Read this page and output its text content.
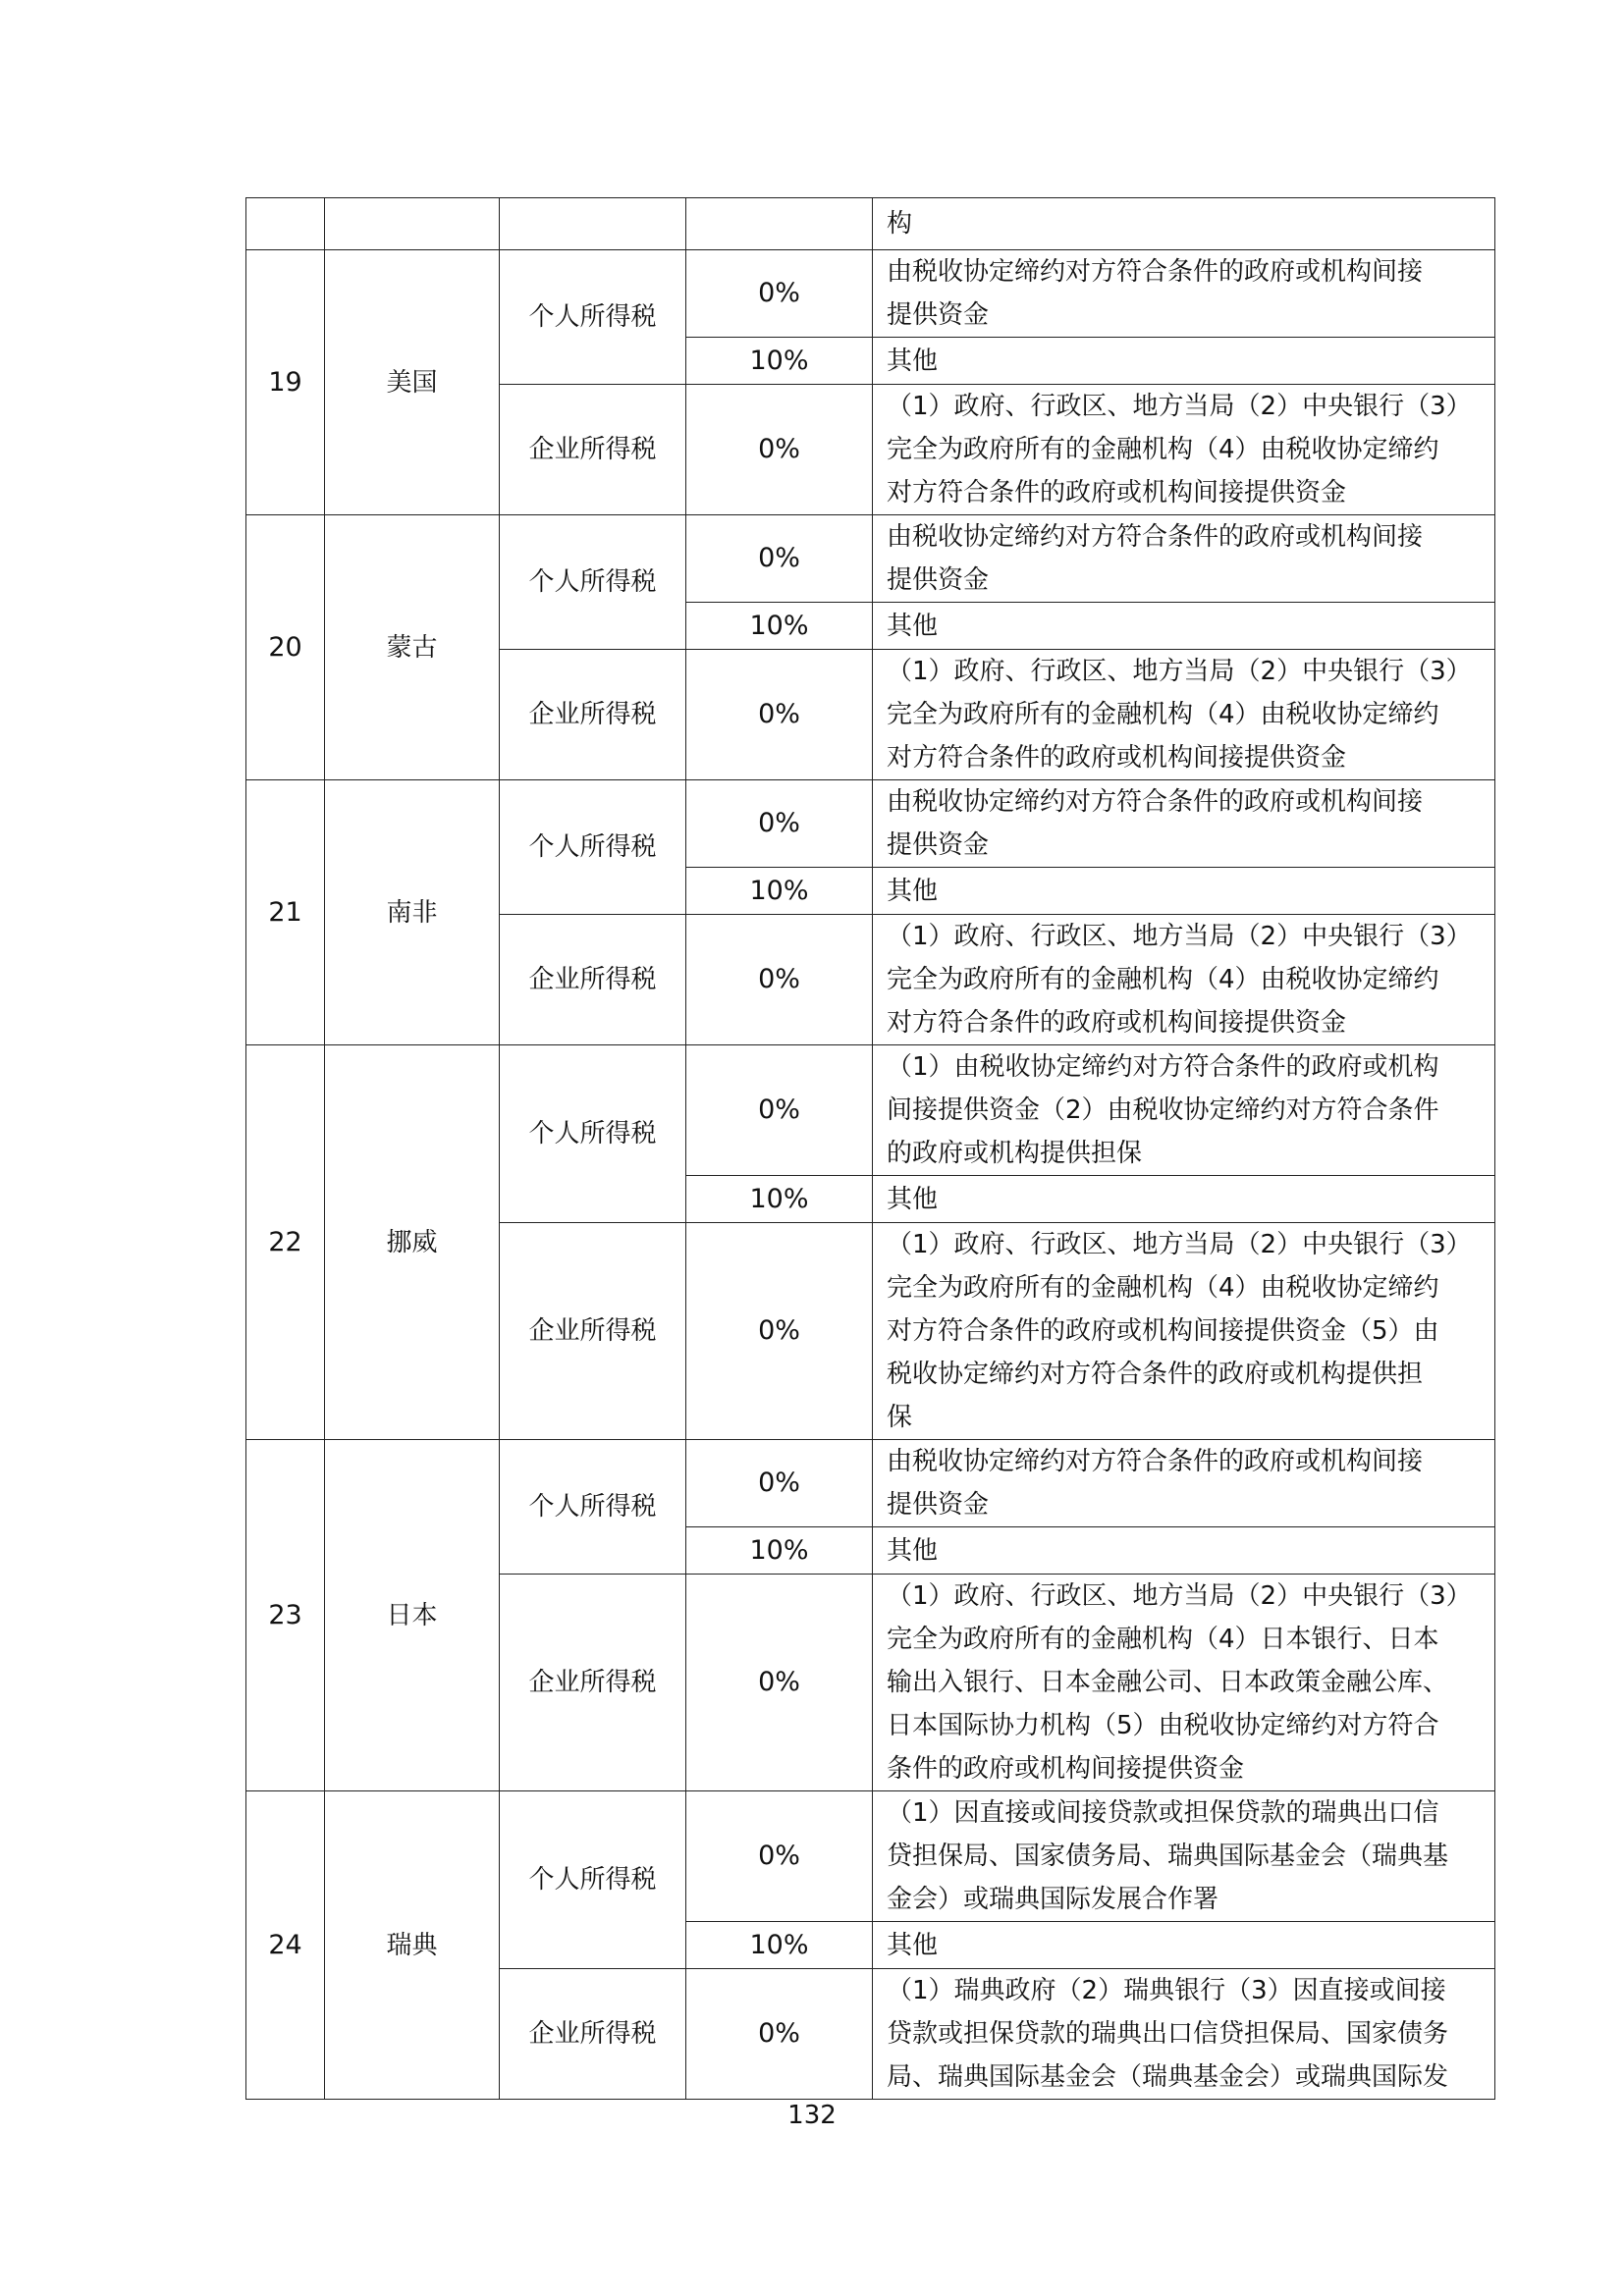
				构
19	美国	个人所得税	0%	由税收协定缔约对方符合条件的政府或机构间接
提供资金

			10%	其他
		企业所得税	0%	（1）政府、行政区、地方当局（2）中央银行（3）
完全为政府所有的金融机构（4）由税收协定缔约
对方符合条件的政府或机构间接提供资金

20	蒙古	个人所得税	0%	由税收协定缔约对方符合条件的政府或机构间接
提供资金

			10%	其他
		企业所得税	0%	（1）政府、行政区、地方当局（2）中央银行（3）
完全为政府所有的金融机构（4）由税收协定缔约
对方符合条件的政府或机构间接提供资金

21	南非	个人所得税	0%	由税收协定缔约对方符合条件的政府或机构间接
提供资金

			10%	其他
		企业所得税	0%	（1）政府、行政区、地方当局（2）中央银行（3）
完全为政府所有的金融机构（4）由税收协定缔约
对方符合条件的政府或机构间接提供资金

22	挪威	个人所得税	0%	（1）由税收协定缔约对方符合条件的政府或机构
间接提供资金（2）由税收协定缔约对方符合条件
的政府或机构提供担保

			10%	其他
		企业所得税	0%	（1）政府、行政区、地方当局（2）中央银行（3）
完全为政府所有的金融机构（4）由税收协定缔约
对方符合条件的政府或机构间接提供资金（5）由
税收协定缔约对方符合条件的政府或机构提供担
保

23	日本	个人所得税	0%	由税收协定缔约对方符合条件的政府或机构间接
提供资金

			10%	其他
		企业所得税	0%	（1）政府、行政区、地方当局（2）中央银行（3）
完全为政府所有的金融机构（4）日本银行、日本
输出入银行、日本金融公司、日本政策金融公库、
日本国际协力机构（5）由税收协定缔约对方符合
条件的政府或机构间接提供资金

24	瑞典	个人所得税	0%	（1）因直接或间接贷款或担保贷款的瑞典出口信
贷担保局、国家债务局、瑞典国际基金会（瑞典基
金会）或瑞典国际发展合作署

			10%	其他
		企业所得税	0%	（1）瑞典政府（2）瑞典银行（3）因直接或间接
贷款或担保贷款的瑞典出口信贷担保局、国家债务
局、瑞典国际基金会（瑞典基金会）或瑞典国际发
132
